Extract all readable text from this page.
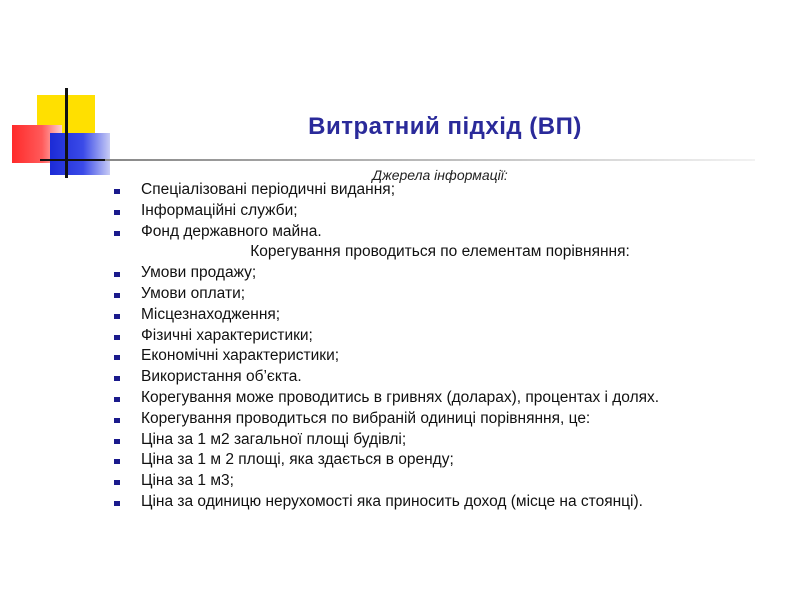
Витратний підхід (ВП)
Джерела інформації:
Спеціалізовані періодичні видання;
Інформаційні служби;
Фонд державного майна.
Корегування проводиться по елементам порівняння:
Умови продажу;
Умови оплати;
Місцезнаходження;
Фізичні характеристики;
Економічні характеристики;
Використання об’єкта.
Корегування може проводитись в гривнях (доларах), процентах і долях.
Корегування проводиться по вибраній одиниці порівняння, це:
Ціна за 1 м2 загальної площі будівлі;
Ціна за 1 м 2 площі, яка здається в оренду;
Ціна за 1 м3;
Ціна за одиницю нерухомості яка приносить доход (місце на стоянці).
